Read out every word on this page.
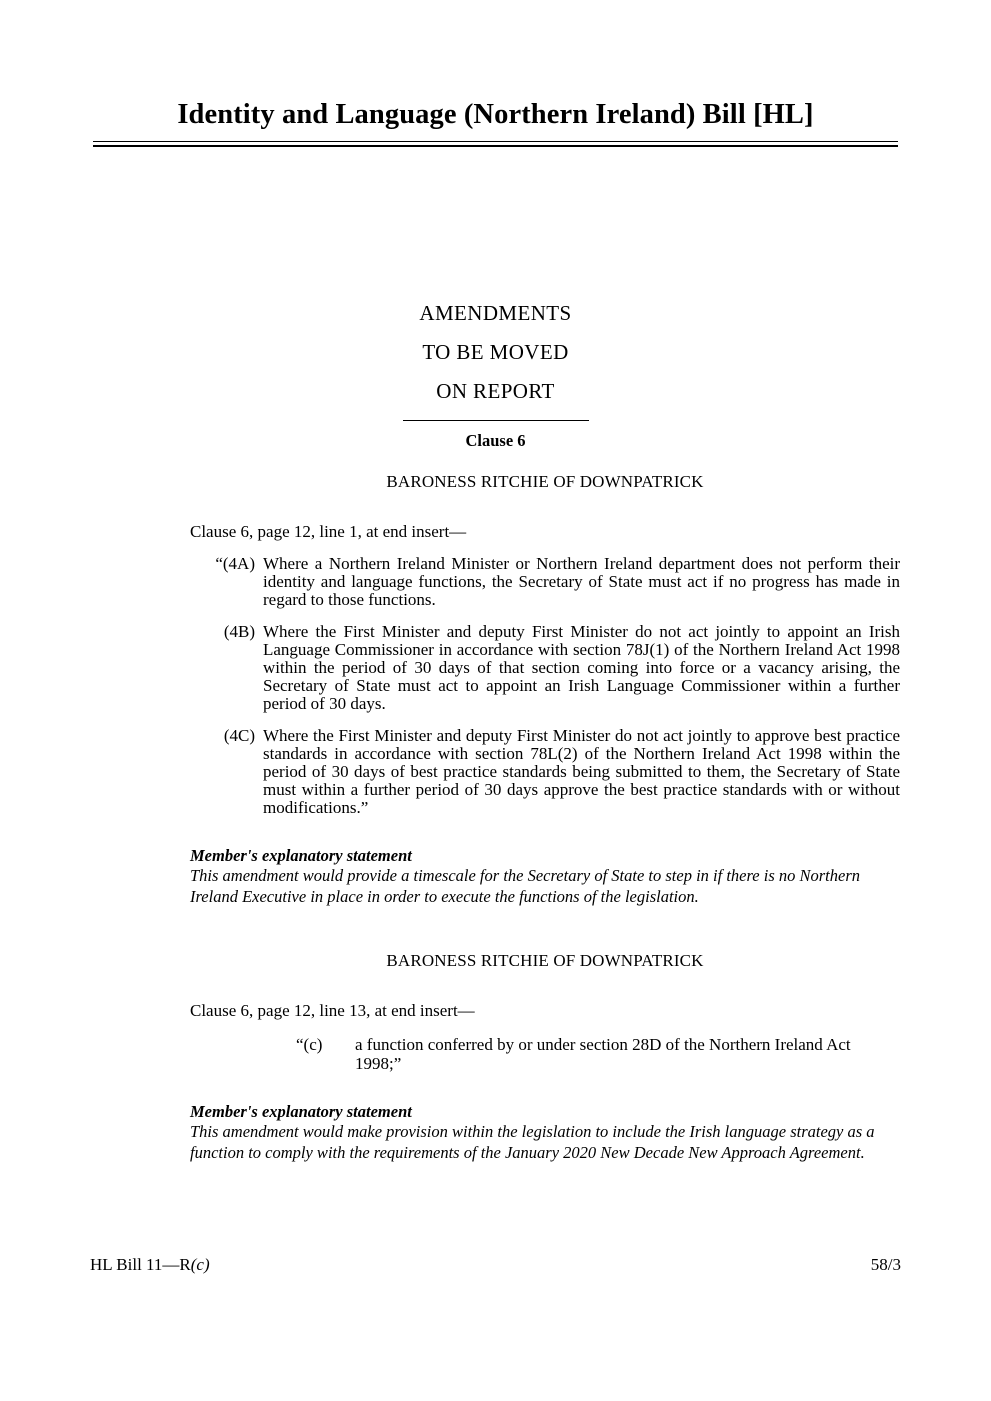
Identity and Language (Northern Ireland) Bill [HL]

AMENDMENTS

TO BE MOVED

ON REPORT

Clause 6

BARONESS RITCHIE OF DOWNPATRICK

Clause 6, page 12, line 1, at end insert—

“(4A) Where a Northern Ireland Minister or Northern Ireland department does not perform their identity and language functions, the Secretary of State must act if no progress has made in regard to those functions.
(4B) Where the First Minister and deputy First Minister do not act jointly to appoint an Irish Language Commissioner in accordance with section 78J(1) of the Northern Ireland Act 1998 within the period of 30 days of that section coming into force or a vacancy arising, the Secretary of State must act to appoint an Irish Language Commissioner within a further period of 30 days.
(4C) Where the First Minister and deputy First Minister do not act jointly to approve best practice standards in accordance with section 78L(2) of the Northern Ireland Act 1998 within the period of 30 days of best practice standards being submitted to them, the Secretary of State must within a further period of 30 days approve the best practice standards with or without modifications.”

Member's explanatory statement

This amendment would provide a timescale for the Secretary of State to step in if there is no Northern Ireland Executive in place in order to execute the functions of the legislation.

BARONESS RITCHIE OF DOWNPATRICK

Clause 6, page 12, line 13, at end insert—

“(c)	a function conferred by or under section 28D of the Northern Ireland Act 1998;”

Member's explanatory statement

This amendment would make provision within the legislation to include the Irish language strategy as a function to comply with the requirements of the January 2020 New Decade New Approach Agreement.

HL Bill 11—R(c)	58/3
